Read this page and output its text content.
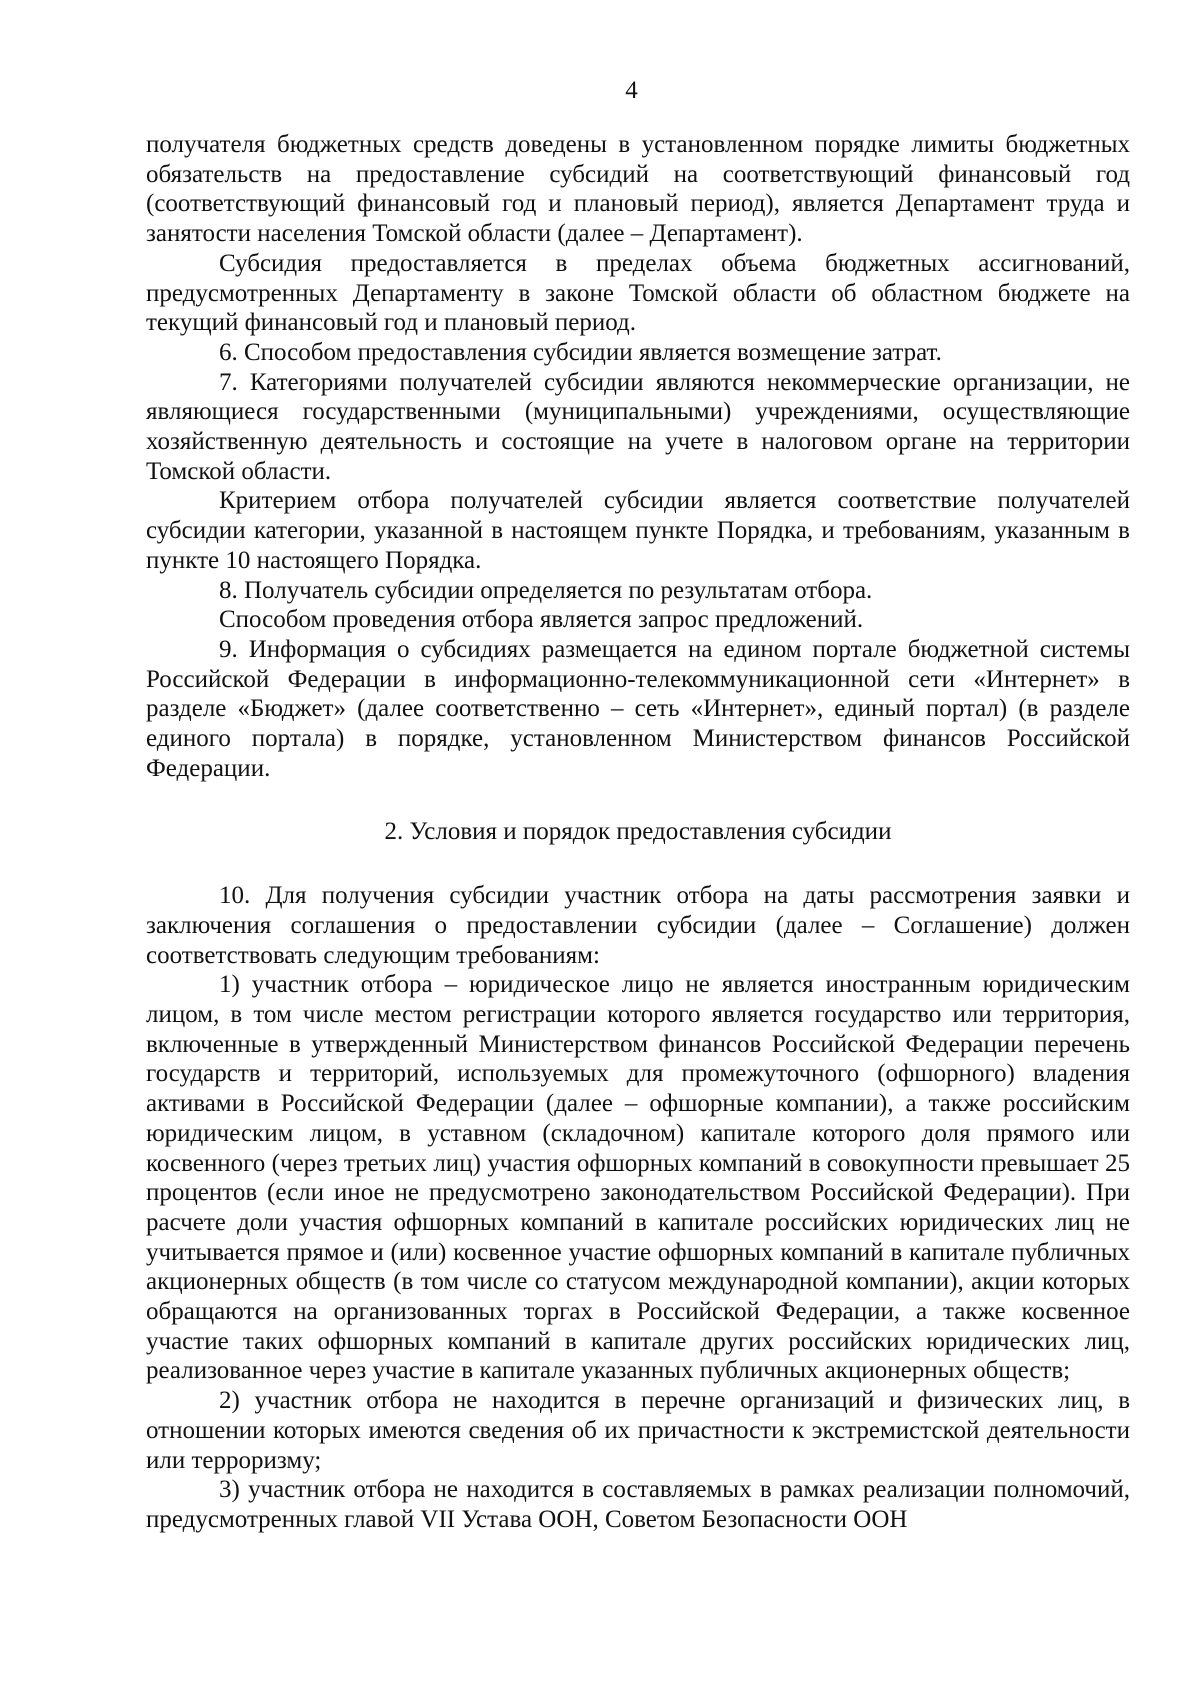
4

получателя бюджетных средств доведены в установленном порядке лимиты бюджетных обязательств на предоставление субсидий на соответствующий финансовый год (соответствующий финансовый год и плановый период), является Департамент труда и занятости населения Томской области (далее – Департамент).

Субсидия предоставляется в пределах объема бюджетных ассигнований, предусмотренных Департаменту в законе Томской области об областном бюджете на текущий финансовый год и плановый период.

6. Способом предоставления субсидии является возмещение затрат.

7. Категориями получателей субсидии являются некоммерческие организации, не являющиеся государственными (муниципальными) учреждениями, осуществляющие хозяйственную деятельность и состоящие на учете в налоговом органе на территории Томской области.

Критерием отбора получателей субсидии является соответствие получателей субсидии категории, указанной в настоящем пункте Порядка, и требованиям, указанным в пункте 10 настоящего Порядка.

8. Получатель субсидии определяется по результатам отбора.

Способом проведения отбора является запрос предложений.

9. Информация о субсидиях размещается на едином портале бюджетной системы Российской Федерации в информационно-телекоммуникационной сети «Интернет» в разделе «Бюджет» (далее соответственно – сеть «Интернет», единый портал) (в разделе единого портала) в порядке, установленном Министерством финансов Российской Федерации.

2. Условия и порядок предоставления субсидии

10. Для получения субсидии участник отбора на даты рассмотрения заявки и заключения соглашения о предоставлении субсидии (далее – Соглашение) должен соответствовать следующим требованиям:

1) участник отбора – юридическое лицо не является иностранным юридическим лицом, в том числе местом регистрации которого является государство или территория, включенные в утвержденный Министерством финансов Российской Федерации перечень государств и территорий, используемых для промежуточного (офшорного) владения активами в Российской Федерации (далее – офшорные компании), а также российским юридическим лицом, в уставном (складочном) капитале которого доля прямого или косвенного (через третьих лиц) участия офшорных компаний в совокупности превышает 25 процентов (если иное не предусмотрено законодательством Российской Федерации). При расчете доли участия офшорных компаний в капитале российских юридических лиц не учитывается прямое и (или) косвенное участие офшорных компаний в капитале публичных акционерных обществ (в том числе со статусом международной компании), акции которых обращаются на организованных торгах в Российской Федерации, а также косвенное участие таких офшорных компаний в капитале других российских юридических лиц, реализованное через участие в капитале указанных публичных акционерных обществ;

2) участник отбора не находится в перечне организаций и физических лиц, в отношении которых имеются сведения об их причастности к экстремистской деятельности или терроризму;

3) участник отбора не находится в составляемых в рамках реализации полномочий, предусмотренных главой VII Устава ООН, Советом Безопасности ООН
